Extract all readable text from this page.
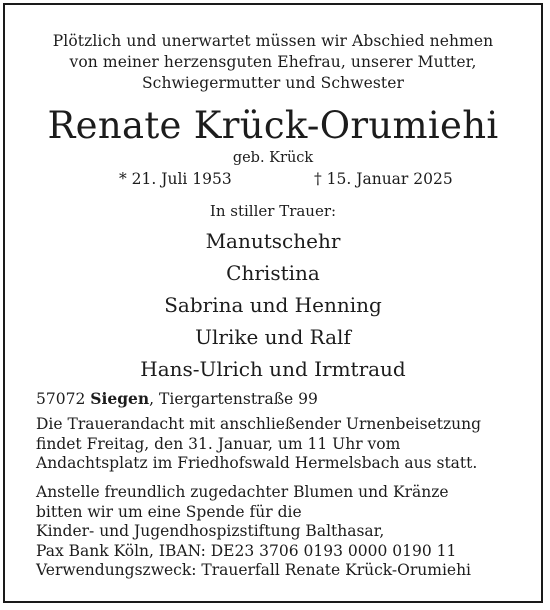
Plötzlich und unerwartet müssen wir Abschied nehmen
von meiner herzensguten Ehefrau, unserer Mutter,
Schwiegermutter und Schwester
Renate Krück-Orumiehi
geb. Krück
* 21. Juli 1953	† 15. Januar 2025
In stiller Trauer:
Manutschehr
Christina
Sabrina und Henning
Ulrike und Ralf
Hans-Ulrich und Irmtraud
57072 Siegen, Tiergartenstraße 99
Die Trauerandacht mit anschließender Urnenbeisetzung
findet Freitag, den 31. Januar, um 11 Uhr vom
Andachtsplatz im Friedhofswald Hermelsbach aus statt.
Anstelle freundlich zugedachter Blumen und Kränze
bitten wir um eine Spende für die
Kinder- und Jugendhospizstiftung Balthasar,
Pax Bank Köln, IBAN: DE23 3706 0193 0000 0190 11
Verwendungszweck: Trauerfall Renate Krück-Orumiehi
